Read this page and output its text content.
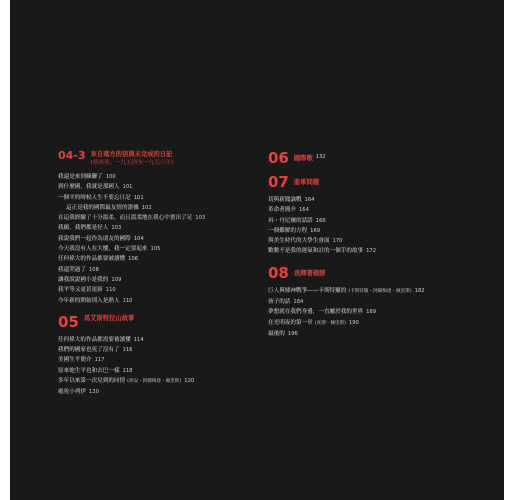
04-3 來自遠方的信與未完成的日記
(蔡西華，一九五四至一九五六年)
我還是來到蘇聯了 100
到什麼國，我就是那國人 101
一個平的時候人生不要忘日記 101
這正是我的國際最友情的證據 102
在這我經驗了十分溫柔，而且溫柔地在我心中畫出了足 103
我願，我們都是好人 103
我說我們一起作為朋友的國際 104
今天我沒有人在大樓，我一定要起來 105
任何偉大的作品都要被讀懂 106
我還哭過了 108
讓我說說國小是我的 109
我平等又更甚更新 110
今年新的開始別人是熟人 110
05 馬艾斯特拉山故事
任何偉大的作品都需要被讀懂 114
我們的國家也死了沒有了 116
美國生平簡介 117
原來她生平也和去巴一樣 118
多年以來第一次見到的同情 (胡安・阿爾梅達・佩里斯) 120
處死小列伊 130
06 國際歌 132
07 進軍問題
切與新聞論戰 164
革命者簡介 164
再・丹尼爾的話語 166
一個難解的方程 169
與美生時代的大學生會面 170
數數不是我的運氣和計的一個手的故事 172
08 我揮著翅膀
巨人與矮神戰爭——卡斯特羅的 (卡斯特羅・阿爾梅達・佩里斯) 182
孩子的話 184
夢想就在我們身邊，一直屬於我的世界 189
在光明夜的第一章 (查理・佩里斯) 190
最後的 196
